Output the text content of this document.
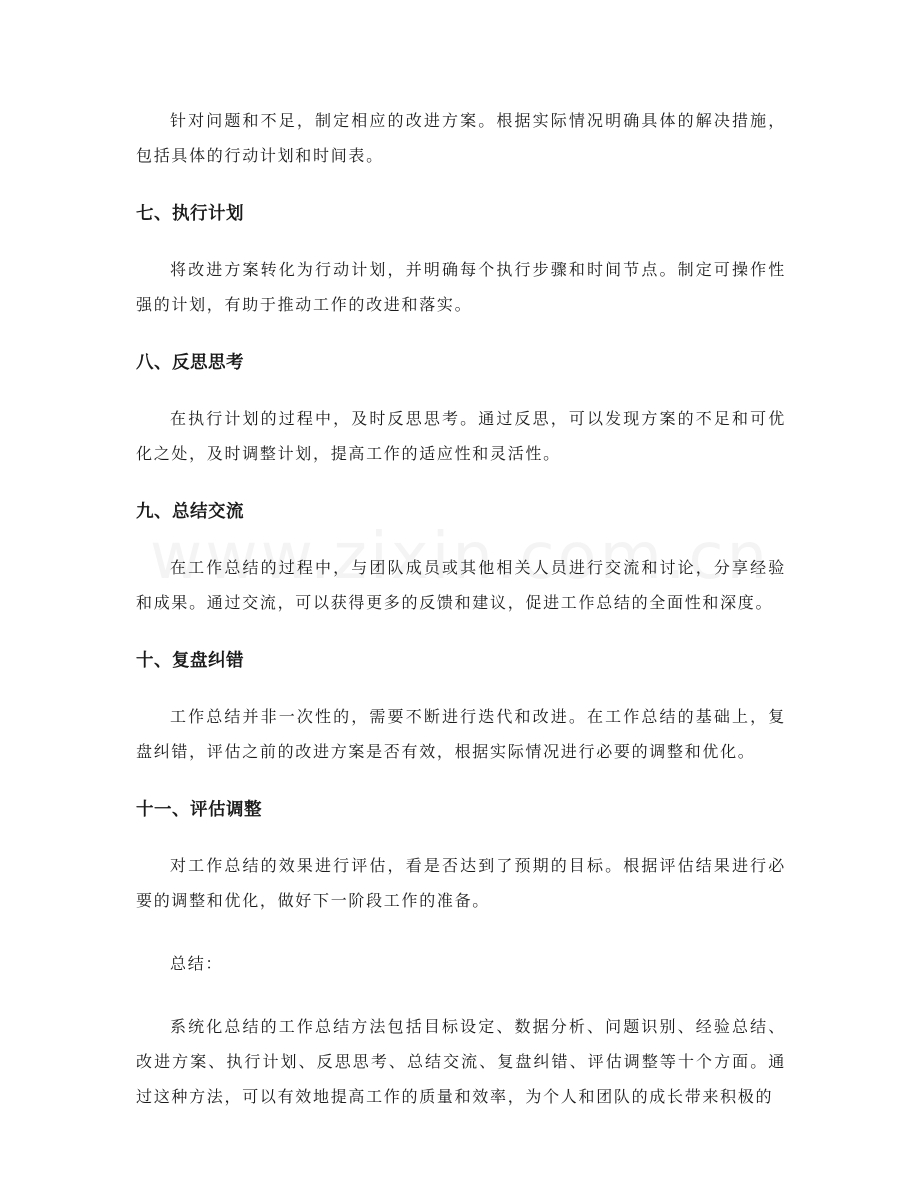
针对问题和不足，制定相应的改进方案。根据实际情况明确具体的解决措施，包括具体的行动计划和时间表。

七、执行计划

将改进方案转化为行动计划，并明确每个执行步骤和时间节点。制定可操作性强的计划，有助于推动工作的改进和落实。

八、反思思考

在执行计划的过程中，及时反思思考。通过反思，可以发现方案的不足和可优化之处，及时调整计划，提高工作的适应性和灵活性。

九、总结交流

在工作总结的过程中，与团队成员或其他相关人员进行交流和讨论，分享经验和成果。通过交流，可以获得更多的反馈和建议，促进工作总结的全面性和深度。

十、复盘纠错

工作总结并非一次性的，需要不断进行迭代和改进。在工作总结的基础上，复盘纠错，评估之前的改进方案是否有效，根据实际情况进行必要的调整和优化。

十一、评估调整

对工作总结的效果进行评估，看是否达到了预期的目标。根据评估结果进行必要的调整和优化，做好下一阶段工作的准备。

总结：

系统化总结的工作总结方法包括目标设定、数据分析、问题识别、经验总结、改进方案、执行计划、反思思考、总结交流、复盘纠错、评估调整等十个方面。通过这种方法，可以有效地提高工作的质量和效率，为个人和团队的成长带来积极的
